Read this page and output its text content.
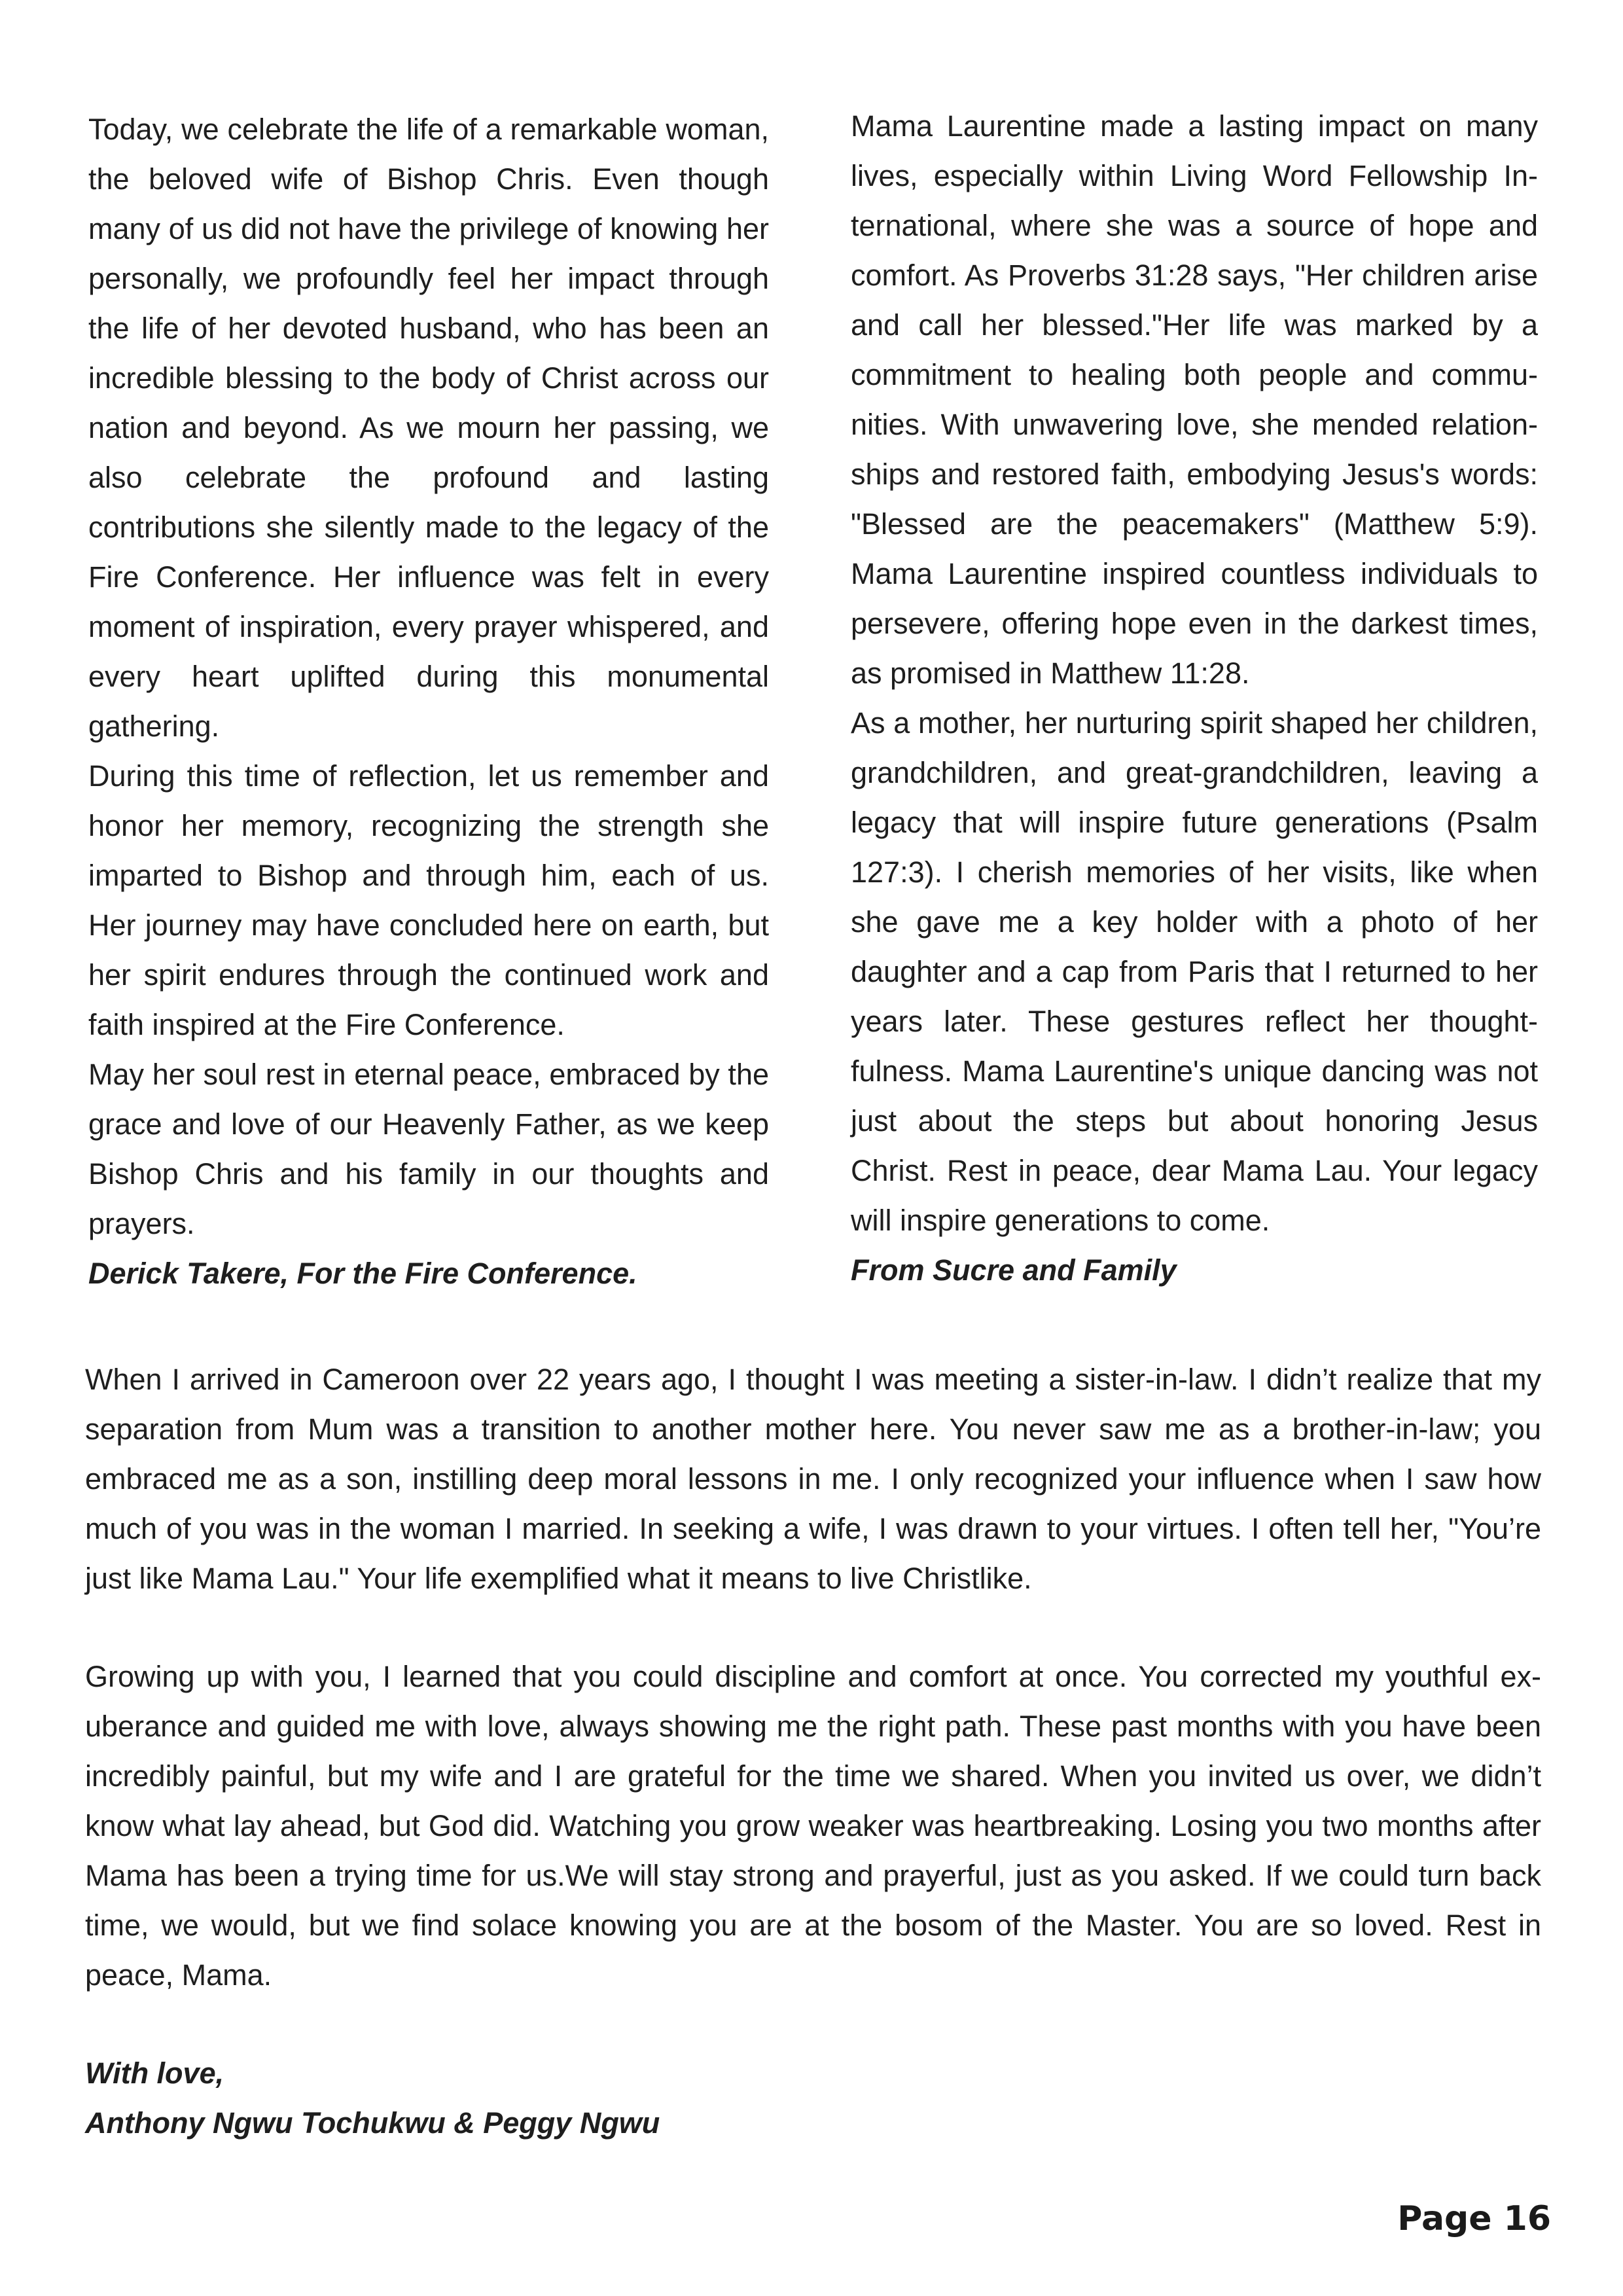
Today, we celebrate the life of a remarkable woman, the beloved wife of Bishop Chris. Even though many of us did not have the privilege of knowing her personally, we profoundly feel her impact through the life of her devoted husband, who has been an incredible blessing to the body of Christ across our nation and beyond. As we mourn her passing, we also celebrate the profound and lasting contributions she silently made to the legacy of the Fire Conference. Her influence was felt in every moment of inspiration, every prayer whispered, and every heart uplifted during this monumental gathering.

During this time of reflection, let us remember and honor her memory, recognizing the strength she imparted to Bishop and through him, each of us. Her journey may have concluded here on earth, but her spirit endures through the continued work and faith inspired at the Fire Conference.

May her soul rest in eternal peace, embraced by the grace and love of our Heavenly Father, as we keep Bishop Chris and his family in our thoughts and prayers.

Derick Takere, For the Fire Conference.

Mama Laurentine made a lasting impact on many lives, especially within Living Word Fellowship International, where she was a source of hope and comfort. As Proverbs 31:28 says, "Her children arise and call her blessed."Her life was marked by a commitment to healing both people and communities. With unwavering love, she mended relationships and restored faith, embodying Jesus's words: "Blessed are the peacemakers" (Matthew 5:9). Mama Laurentine inspired countless individuals to persevere, offering hope even in the darkest times, as promised in Matthew 11:28.

As a mother, her nurturing spirit shaped her children, grandchildren, and great-grandchildren, leaving a legacy that will inspire future generations (Psalm 127:3). I cherish memories of her visits, like when she gave me a key holder with a photo of her daughter and a cap from Paris that I returned to her years later. These gestures reflect her thoughtfulness. Mama Laurentine's unique dancing was not just about the steps but about honoring Jesus Christ. Rest in peace, dear Mama Lau. Your legacy will inspire generations to come.

From Sucre and Family

When I arrived in Cameroon over 22 years ago, I thought I was meeting a sister-in-law. I didn’t realize that my separation from Mum was a transition to another mother here. You never saw me as a brother-in-law; you embraced me as a son, instilling deep moral lessons in me. I only recognized your influence when I saw how much of you was in the woman I married. In seeking a wife, I was drawn to your virtues. I often tell her, "You’re just like Mama Lau." Your life exemplified what it means to live Christlike.

Growing up with you, I learned that you could discipline and comfort at once. You corrected my youthful exuberance and guided me with love, always showing me the right path. These past months with you have been incredibly painful, but my wife and I are grateful for the time we shared. When you invited us over, we didn’t know what lay ahead, but God did. Watching you grow weaker was heartbreaking. Losing you two months after Mama has been a trying time for us.We will stay strong and prayerful, just as you asked. If we could turn back time, we would, but we find solace knowing you are at the bosom of the Master. You are so loved. Rest in peace, Mama.

With love,
Anthony Ngwu Tochukwu & Peggy Ngwu
Page 16
